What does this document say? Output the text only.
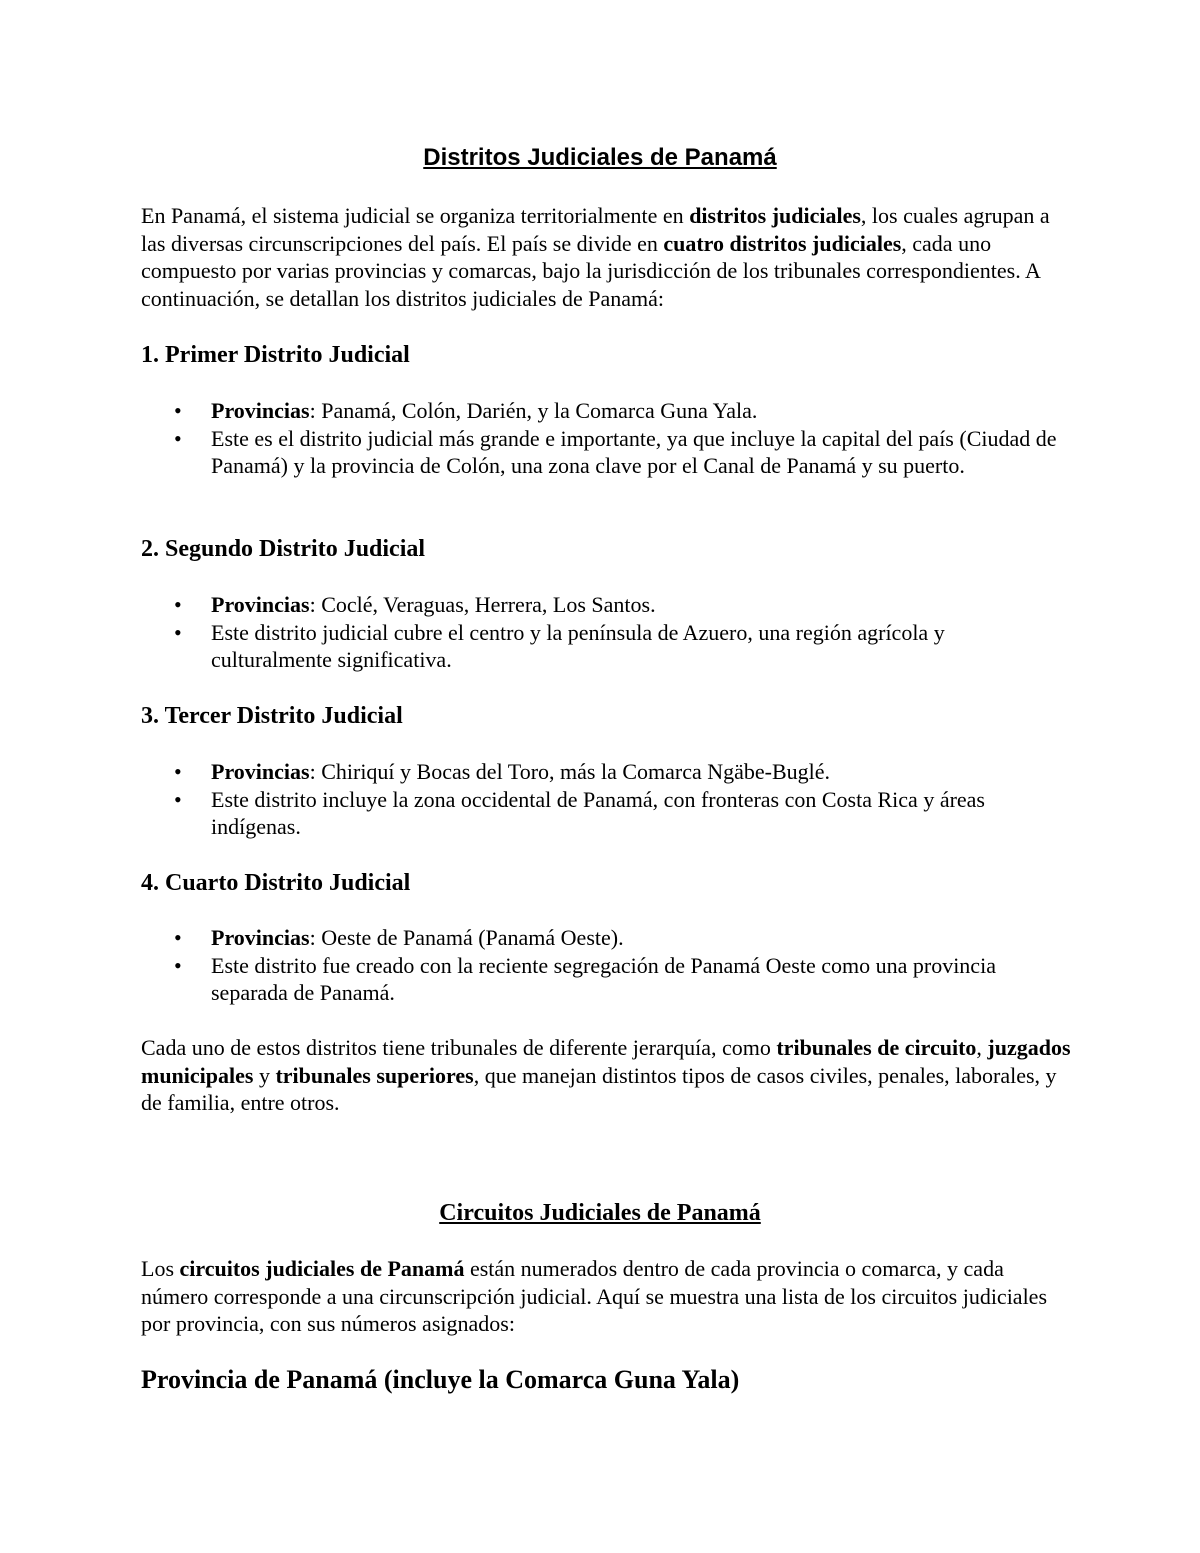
Distritos Judiciales de Panamá

En Panamá, el sistema judicial se organiza territorialmente en distritos judiciales, los cuales agrupan a las diversas circunscripciones del país. El país se divide en cuatro distritos judiciales, cada uno compuesto por varias provincias y comarcas, bajo la jurisdicción de los tribunales correspondientes. A continuación, se detallan los distritos judiciales de Panamá:

1. Primer Distrito Judicial
• Provincias: Panamá, Colón, Darién, y la Comarca Guna Yala.
• Este es el distrito judicial más grande e importante, ya que incluye la capital del país (Ciudad de Panamá) y la provincia de Colón, una zona clave por el Canal de Panamá y su puerto.
2. Segundo Distrito Judicial
• Provincias: Coclé, Veraguas, Herrera, Los Santos.
• Este distrito judicial cubre el centro y la península de Azuero, una región agrícola y culturalmente significativa.
3. Tercer Distrito Judicial
• Provincias: Chiriquí y Bocas del Toro, más la Comarca Ngäbe-Buglé.
• Este distrito incluye la zona occidental de Panamá, con fronteras con Costa Rica y áreas indígenas.
4. Cuarto Distrito Judicial
• Provincias: Oeste de Panamá (Panamá Oeste).
• Este distrito fue creado con la reciente segregación de Panamá Oeste como una provincia separada de Panamá.

Cada uno de estos distritos tiene tribunales de diferente jerarquía, como tribunales de circuito, juzgados municipales y tribunales superiores, que manejan distintos tipos de casos civiles, penales, laborales, y de familia, entre otros.

Circuitos Judiciales de Panamá

Los circuitos judiciales de Panamá están numerados dentro de cada provincia o comarca, y cada número corresponde a una circunscripción judicial. Aquí se muestra una lista de los circuitos judiciales por provincia, con sus números asignados:

Provincia de Panamá (incluye la Comarca Guna Yala)
